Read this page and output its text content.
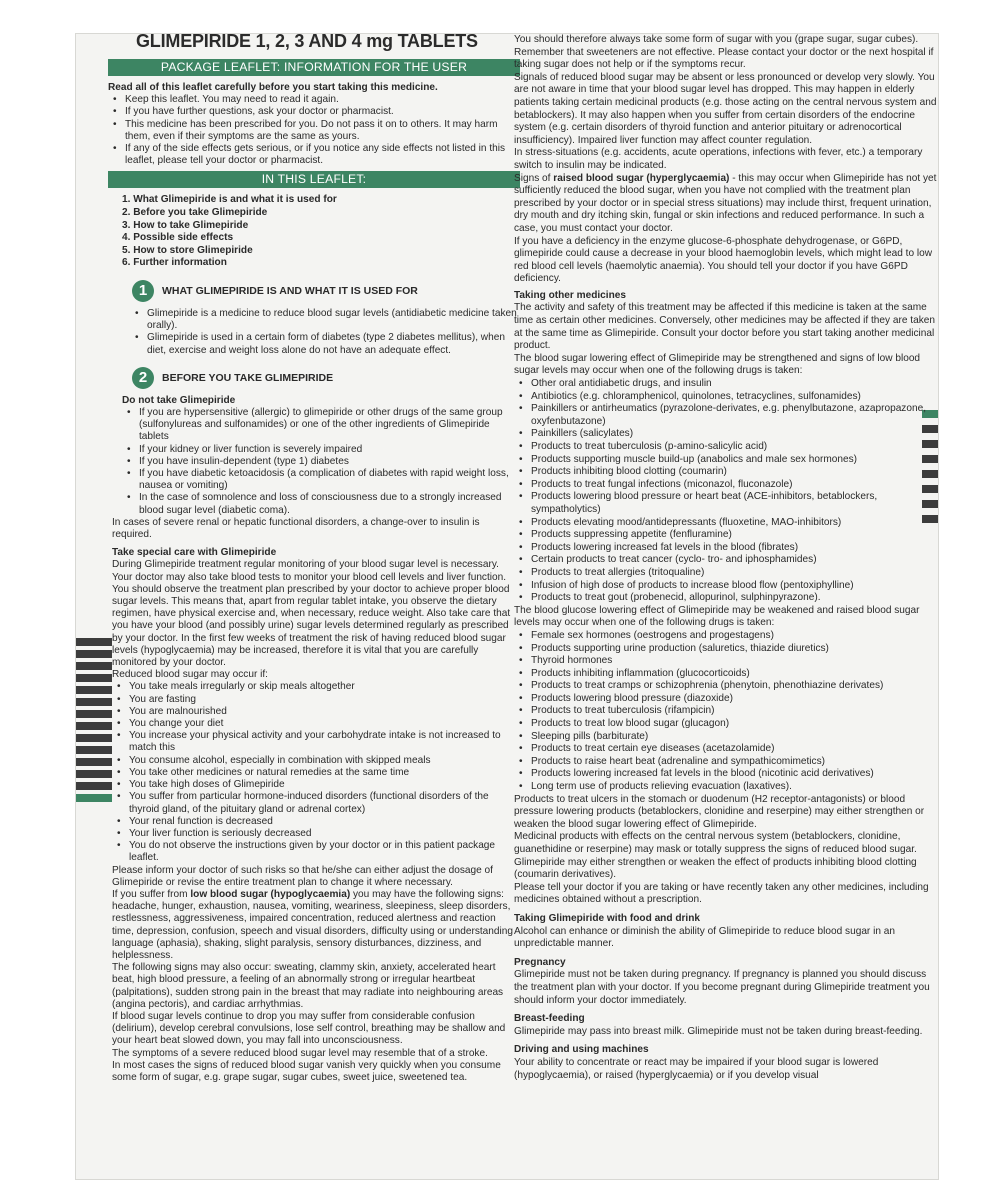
GLIMEPIRIDE 1, 2, 3 AND 4 mg TABLETS
PACKAGE LEAFLET: INFORMATION FOR THE USER

Read all of this leaflet carefully before you start taking this medicine.

• Keep this leaflet. You may need to read it again.
• If you have further questions, ask your doctor or pharmacist.
• This medicine has been prescribed for you. Do not pass it on to others. It may harm them, even if their symptoms are the same as yours.
• If any of the side effects gets serious, or if you notice any side effects not listed in this leaflet, please tell your doctor or pharmacist.
IN THIS LEAFLET:
1. What Glimepiride is and what it is used for
2. Before you take Glimepiride
3. How to take Glimepiride
4. Possible side effects
5. How to store Glimepiride
6. Further information
1	WHAT GLIMEPIRIDE IS AND WHAT IT IS USED FOR
• Glimepiride is a medicine to reduce blood sugar levels (antidiabetic medicine taken orally).
• Glimepiride is used in a certain form of diabetes (type 2 diabetes mellitus), when diet, exercise and weight loss alone do not have an adequate effect.
2	BEFORE YOU TAKE GLIMEPIRIDE

Do not take Glimepiride

• If you are hypersensitive (allergic) to glimepiride or other drugs of the same group (sulfonylureas and sulfonamides) or one of the other ingredients of Glimepiride tablets
• If your kidney or liver function is severely impaired
• If you have insulin-dependent (type 1) diabetes
• If you have diabetic ketoacidosis (a complication of diabetes with rapid weight loss, nausea or vomiting)
• In the case of somnolence and loss of consciousness due to a strongly increased blood sugar level (diabetic coma).

In cases of severe renal or hepatic functional disorders, a change-over to insulin is required.

Take special care with Glimepiride

During Glimepiride treatment regular monitoring of your blood sugar level is necessary. Your doctor may also take blood tests to monitor your blood cell levels and liver function. You should observe the treatment plan prescribed by your doctor to achieve proper blood sugar levels. This means that, apart from regular tablet intake, you observe the dietary regimen, have physical exercise and, when necessary, reduce weight. Also take care that you have your blood (and possibly urine) sugar levels determined regularly as prescribed by your doctor. In the first few weeks of treatment the risk of having reduced blood sugar levels (hypoglycaemia) may be increased, therefore it is vital that you are carefully monitored by your doctor.

Reduced blood sugar may occur if:

• You take meals irregularly or skip meals altogether
• You are fasting
• You are malnourished
• You change your diet
• You increase your physical activity and your carbohydrate intake is not increased to match this
• You consume alcohol, especially in combination with skipped meals
• You take other medicines or natural remedies at the same time
• You take high doses of Glimepiride
• You suffer from particular hormone-induced disorders (functional disorders of the thyroid gland, of the pituitary gland or adrenal cortex)
• Your renal function is decreased
• Your liver function is seriously decreased
• You do not observe the instructions given by your doctor or in this patient package leaflet.

Please inform your doctor of such risks so that he/she can either adjust the dosage of Glimepiride or revise the entire treatment plan to change it where necessary.

If you suffer from low blood sugar (hypoglycaemia) you may have the following signs: headache, hunger, exhaustion, nausea, vomiting, weariness, sleepiness, sleep disorders, restlessness, aggressiveness, impaired concentration, reduced alertness and reaction time, depression, confusion, speech and visual disorders, difficulty using or understanding language (aphasia), shaking, slight paralysis, sensory disturbances, dizziness, and helplessness.

The following signs may also occur: sweating, clammy skin, anxiety, accelerated heart beat, high blood pressure, a feeling of an abnormally strong or irregular heartbeat (palpitations), sudden strong pain in the breast that may radiate into neighbouring areas (angina pectoris), and cardiac arrhythmias.

If blood sugar levels continue to drop you may suffer from considerable confusion (delirium), develop cerebral convulsions, lose self control, breathing may be shallow and your heart beat slowed down, you may fall into unconsciousness.

The symptoms of a severe reduced blood sugar level may resemble that of a stroke.

In most cases the signs of reduced blood sugar vanish very quickly when you consume some form of sugar, e.g. grape sugar, sugar cubes, sweet juice, sweetened tea.

You should therefore always take some form of sugar with you (grape sugar, sugar cubes). Remember that sweeteners are not effective. Please contact your doctor or the next hospital if taking sugar does not help or if the symptoms recur.

Signals of reduced blood sugar may be absent or less pronounced or develop very slowly. You are not aware in time that your blood sugar level has dropped. This may happen in elderly patients taking certain medicinal products (e.g. those acting on the central nervous system and betablockers). It may also happen when you suffer from certain disorders of the endocrine system (e.g. certain disorders of thyroid function and anterior pituitary or adrenocortical insufficiency). Impaired liver function may affect counter regulation.

In stress-situations (e.g. accidents, acute operations, infections with fever, etc.) a temporary switch to insulin may be indicated.

Signs of raised blood sugar (hyperglycaemia) - this may occur when Glimepiride has not yet sufficiently reduced the blood sugar, when you have not complied with the treatment plan prescribed by your doctor or in special stress situations) may include thirst, frequent urination, dry mouth and dry itching skin, fungal or skin infections and reduced performance. In such a case, you must contact your doctor.

If you have a deficiency in the enzyme glucose-6-phosphate dehydrogenase, or G6PD, glimepiride could cause a decrease in your blood haemoglobin levels, which might lead to low red blood cell levels (haemolytic anaemia). You should tell your doctor if you have G6PD deficiency.

Taking other medicines

The activity and safety of this treatment may be affected if this medicine is taken at the same time as certain other medicines. Conversely, other medicines may be affected if they are taken at the same time as Glimepiride. Consult your doctor before you start taking another medicinal product.

The blood sugar lowering effect of Glimepiride may be strengthened and signs of low blood sugar levels may occur when one of the following drugs is taken:

• Other oral antidiabetic drugs, and insulin
• Antibiotics (e.g. chloramphenicol, quinolones, tetracyclines, sulfonamides)
• Painkillers or antirheumatics (pyrazolone-derivates, e.g. phenylbutazone, azapropazone, oxyfenbutazone)
• Painkillers (salicylates)
• Products to treat tuberculosis (p-amino-salicylic acid)
• Products supporting muscle build-up (anabolics and male sex hormones)
• Products inhibiting blood clotting (coumarin)
• Products to treat fungal infections (miconazol, fluconazole)
• Products lowering blood pressure or heart beat (ACE-inhibitors, betablockers, sympatholytics)
• Products elevating mood/antidepressants (fluoxetine, MAO-inhibitors)
• Products suppressing appetite (fenfluramine)
• Products lowering increased fat levels in the blood (fibrates)
• Certain products to treat cancer (cyclo- tro- and iphosphamides)
• Products to treat allergies (tritoqualine)
• Infusion of high dose of products to increase blood flow (pentoxiphylline)
• Products to treat gout (probenecid, allopurinol, sulphinpyrazone).

The blood glucose lowering effect of Glimepiride may be weakened and raised blood sugar levels may occur when one of the following drugs is taken:

• Female sex hormones (oestrogens and progestagens)
• Products supporting urine production (saluretics, thiazide diuretics)
• Thyroid hormones
• Products inhibiting inflammation (glucocorticoids)
• Products to treat cramps or schizophrenia (phenytoin, phenothiazine derivates)
• Products lowering blood pressure (diazoxide)
• Products to treat tuberculosis (rifampicin)
• Products to treat low blood sugar (glucagon)
• Sleeping pills (barbiturate)
• Products to treat certain eye diseases (acetazolamide)
• Products to raise heart beat (adrenaline and sympathicomimetics)
• Products lowering increased fat levels in the blood (nicotinic acid derivatives)
• Long term use of products relieving evacuation (laxatives).

Products to treat ulcers in the stomach or duodenum (H2 receptor-antagonists) or blood pressure lowering products (betablockers, clonidine and reserpine) may either strengthen or weaken the blood sugar lowering effect of Glimepiride.

Medicinal products with effects on the central nervous system (betablockers, clonidine, guanethidine or reserpine) may mask or totally suppress the signs of reduced blood sugar.

Glimepiride may either strengthen or weaken the effect of products inhibiting blood clotting (coumarin derivatives).

Please tell your doctor if you are taking or have recently taken any other medicines, including medicines obtained without a prescription.

Taking Glimepiride with food and drink

Alcohol can enhance or diminish the ability of Glimepiride to reduce blood sugar in an unpredictable manner.

Pregnancy

Glimepiride must not be taken during pregnancy. If pregnancy is planned you should discuss the treatment plan with your doctor. If you become pregnant during Glimepiride treatment you should inform your doctor immediately.

Breast-feeding

Glimepiride may pass into breast milk. Glimepiride must not be taken during breast-feeding.

Driving and using machines

Your ability to concentrate or react may be impaired if your blood sugar is lowered (hypoglycaemia), or raised (hyperglycaemia) or if you develop visual
